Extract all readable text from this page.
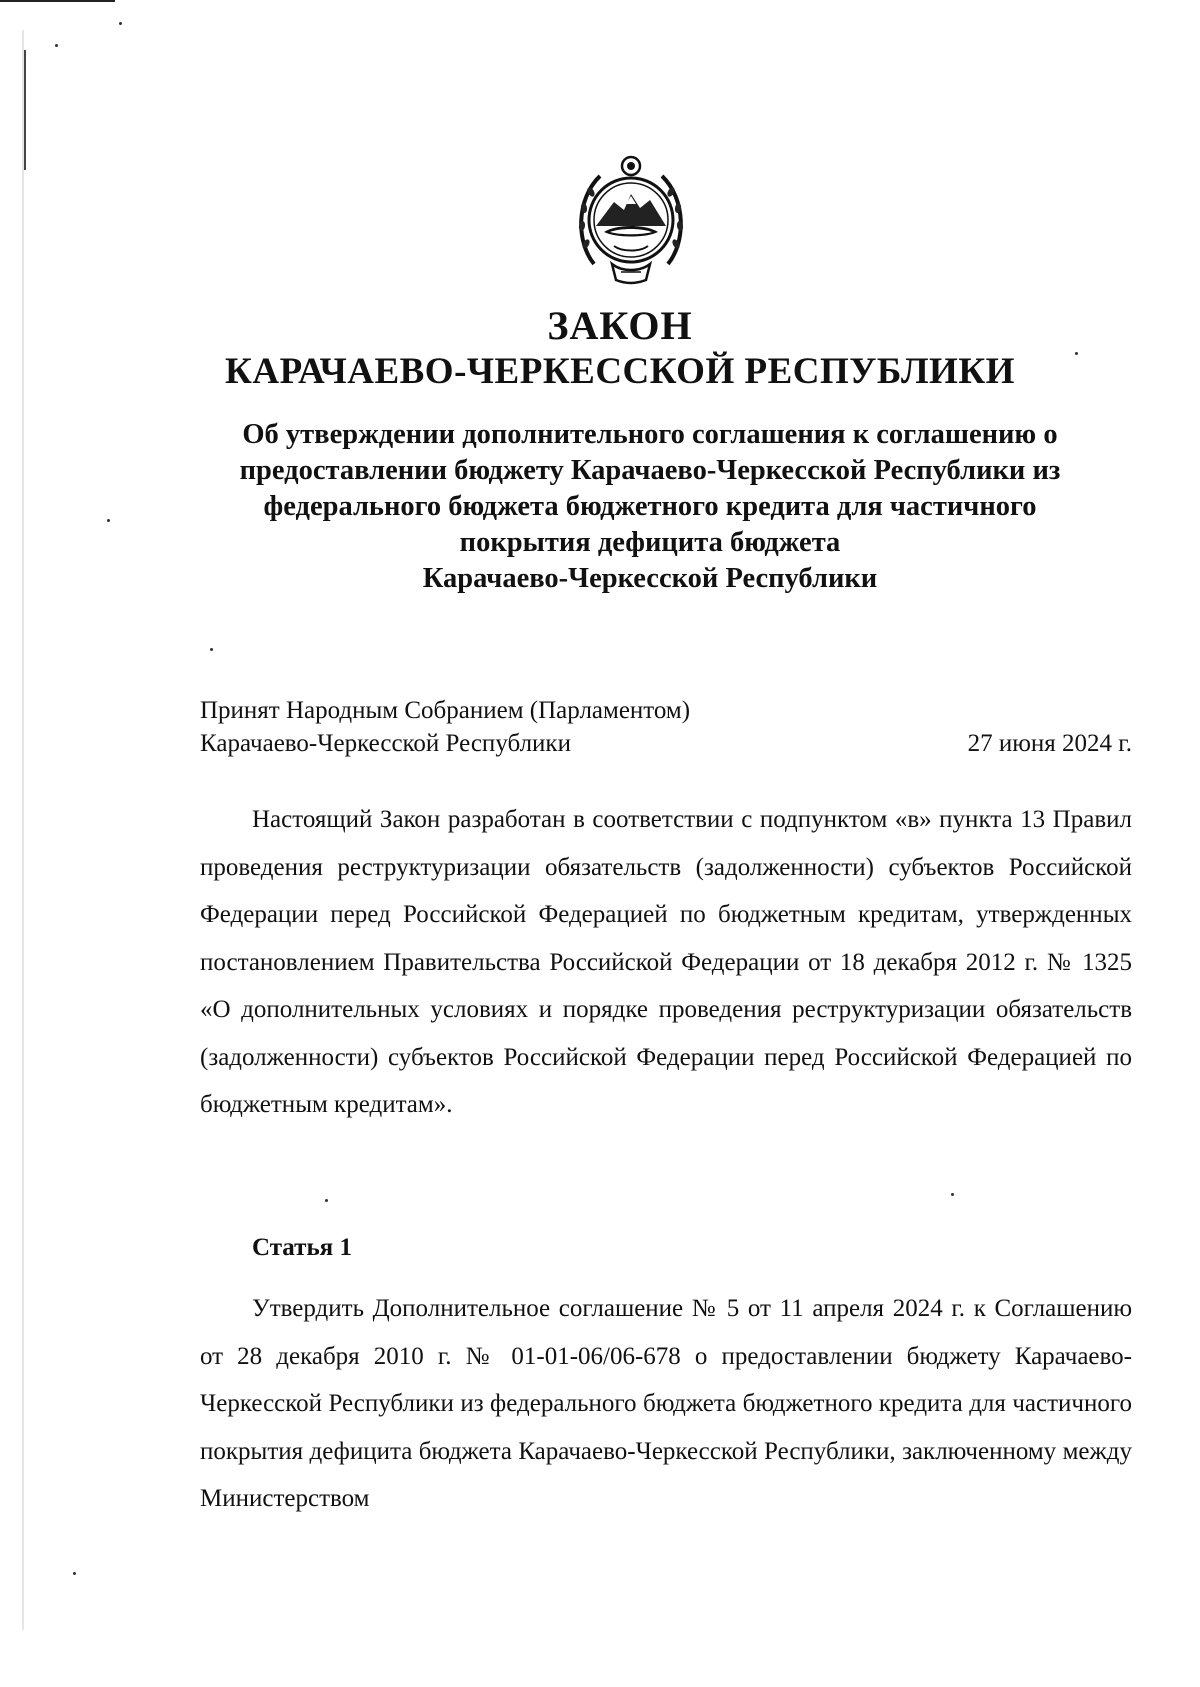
ЗАКОН
КАРАЧАЕВО-ЧЕРКЕССКОЙ РЕСПУБЛИКИ
Об утверждении дополнительного соглашения к соглашению о
предоставлении бюджету Карачаево-Черкесской Республики из
федерального бюджета бюджетного кредита для частичного
покрытия дефицита бюджета
Карачаево-Черкесской Республики
Принят Народным Собранием (Парламентом)
Карачаево-Черкесской Республики	27 июня 2024 г.
Настоящий Закон разработан в соответствии с подпунктом «в» пункта 13 Правил проведения реструктуризации обязательств (задолженности) субъектов Российской Федерации перед Российской Федерацией по бюджетным кредитам, утвержденных постановлением Правительства Российской Федерации от 18 декабря 2012 г. № 1325 «О дополнительных условиях и порядке проведения реструктуризации обязательств (задолженности) субъектов Российской Федерации перед Российской Федерацией по бюджетным кредитам».
Статья 1
Утвердить Дополнительное соглашение № 5 от 11 апреля 2024 г. к Соглашению от 28 декабря 2010 г. № 01-01-06/06-678 о предоставлении бюджету Карачаево-Черкесской Республики из федерального бюджета бюджетного кредита для частичного покрытия дефицита бюджета Карачаево-Черкесской Республики, заключенному между Министерством
